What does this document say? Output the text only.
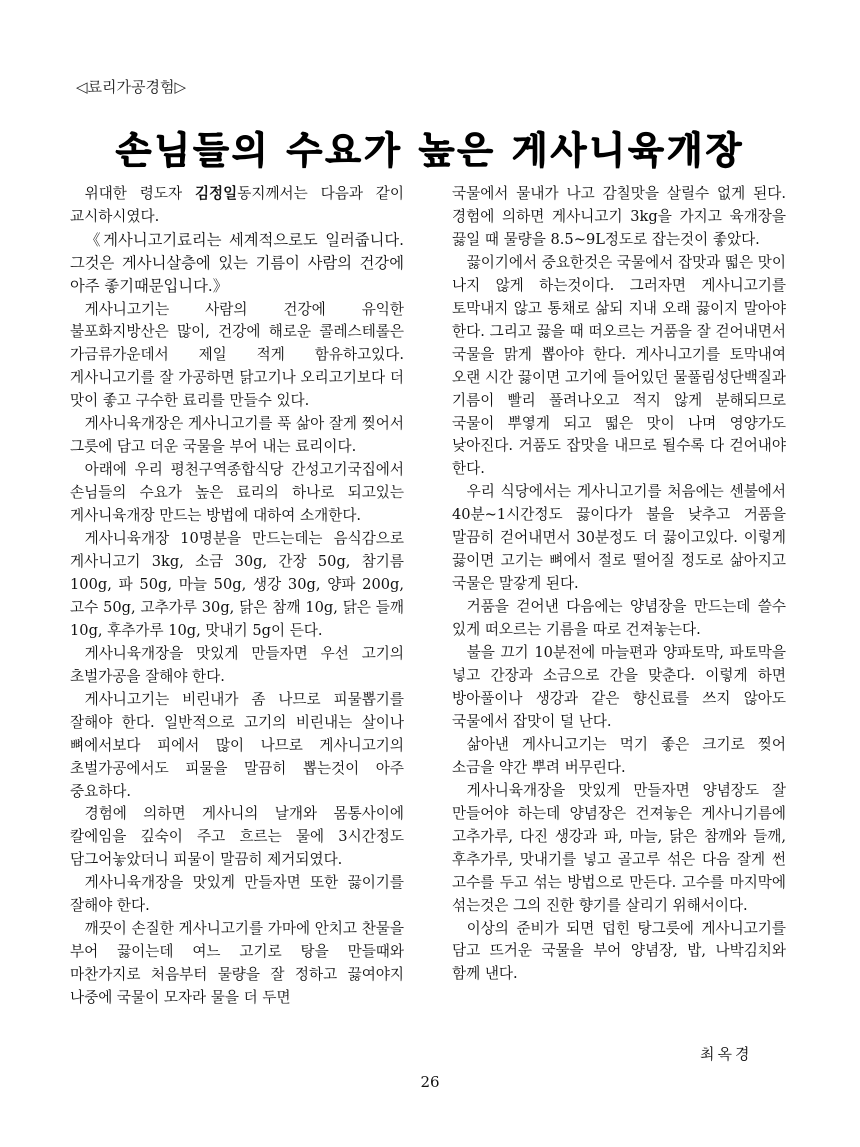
◁료리가공경험▷
손님들의 수요가 높은 게사니육개장

위대한 령도자 김정일동지께서는 다음과 같이 교시하시였다.

《게사니고기료리는 세계적으로도 일러줍니다. 그것은 게사니살층에 있는 기름이 사람의 건강에 아주 좋기때문입니다.》

게사니고기는 사람의 건강에 유익한 불포화지방산은 많이, 건강에 해로운 콜레스테롤은 가금류가운데서 제일 적게 함유하고있다. 게사니고기를 잘 가공하면 닭고기나 오리고기보다 더 맛이 좋고 구수한 료리를 만들수 있다.

게사니육개장은 게사니고기를 푹 삶아 잘게 찢어서 그릇에 담고 더운 국물을 부어 내는 료리이다.

아래에 우리 평천구역종합식당 간성고기국집에서 손님들의 수요가 높은 료리의 하나로 되고있는 게사니육개장 만드는 방법에 대하여 소개한다.

게사니육개장 10명분을 만드는데는 음식감으로 게사니고기 3kg, 소금 30g, 간장 50g, 참기름 100g, 파 50g, 마늘 50g, 생강 30g, 양파 200g, 고수 50g, 고추가루 30g, 닭은 참깨 10g, 닭은 들깨 10g, 후추가루 10g, 맛내기 5g이 든다.

게사니육개장을 맛있게 만들자면 우선 고기의 초벌가공을 잘해야 한다.

게사니고기는 비린내가 좀 나므로 피물뽑기를 잘해야 한다. 일반적으로 고기의 비린내는 살이나 뼈에서보다 피에서 많이 나므로 게사니고기의 초벌가공에서도 피물을 말끔히 뽑는것이 아주 중요하다.

경험에 의하면 게사니의 날개와 몸통사이에 칼에임을 깊숙이 주고 흐르는 물에 3시간정도 담그어놓았더니 피물이 말끔히 제거되였다.

게사니육개장을 맛있게 만들자면 또한 끓이기를 잘해야 한다.

깨끗이 손질한 게사니고기를 가마에 안치고 찬물을 부어 끓이는데 여느 고기로 탕을 만들때와 마찬가지로 처음부터 물량을 잘 정하고 끓여야지 나중에 국물이 모자라 물을 더 두면

국물에서 물내가 나고 감칠맛을 살릴수 없게 된다. 경험에 의하면 게사니고기 3kg을 가지고 육개장을 끓일 때 물량을 8.5~9L정도로 잡는것이 좋았다.

끓이기에서 중요한것은 국물에서 잡맛과 떫은 맛이 나지 않게 하는것이다. 그러자면 게사니고기를 토막내지 않고 통채로 삶되 지내 오래 끓이지 말아야 한다. 그리고 끓을 때 떠오르는 거품을 잘 걷어내면서 국물을 맑게 뽑아야 한다. 게사니고기를 토막내여 오랜 시간 끓이면 고기에 들어있던 물풀림성단백질과 기름이 빨리 풀려나오고 적지 않게 분해되므로 국물이 뿌옇게 되고 떫은 맛이 나며 영양가도 낮아진다. 거품도 잡맛을 내므로 될수록 다 걷어내야 한다.

우리 식당에서는 게사니고기를 처음에는 센불에서 40분~1시간정도 끓이다가 불을 낮추고 거품을 말끔히 걷어내면서 30분정도 더 끓이고있다. 이렇게 끓이면 고기는 뼈에서 절로 떨어질 정도로 삶아지고 국물은 말갛게 된다.

거품을 걷어낸 다음에는 양념장을 만드는데 쓸수 있게 떠오르는 기름을 따로 건져놓는다.

불을 끄기 10분전에 마늘편과 양파토막, 파토막을 넣고 간장과 소금으로 간을 맞춘다. 이렇게 하면 방아풀이나 생강과 같은 향신료를 쓰지 않아도 국물에서 잡맛이 덜 난다.

삶아낸 게사니고기는 먹기 좋은 크기로 찢어 소금을 약간 뿌려 버무린다.

게사니육개장을 맛있게 만들자면 양념장도 잘 만들어야 하는데 양념장은 건져놓은 게사니기름에 고추가루, 다진 생강과 파, 마늘, 닭은 참깨와 들깨, 후추가루, 맛내기를 넣고 골고루 섞은 다음 잘게 썬 고수를 두고 섞는 방법으로 만든다. 고수를 마지막에 섞는것은 그의 진한 향기를 살리기 위해서이다.

이상의 준비가 되면 덥힌 탕그릇에 게사니고기를 담고 뜨거운 국물을 부어 양념장, 밥, 나박김치와 함께 낸다.

최옥경
26
